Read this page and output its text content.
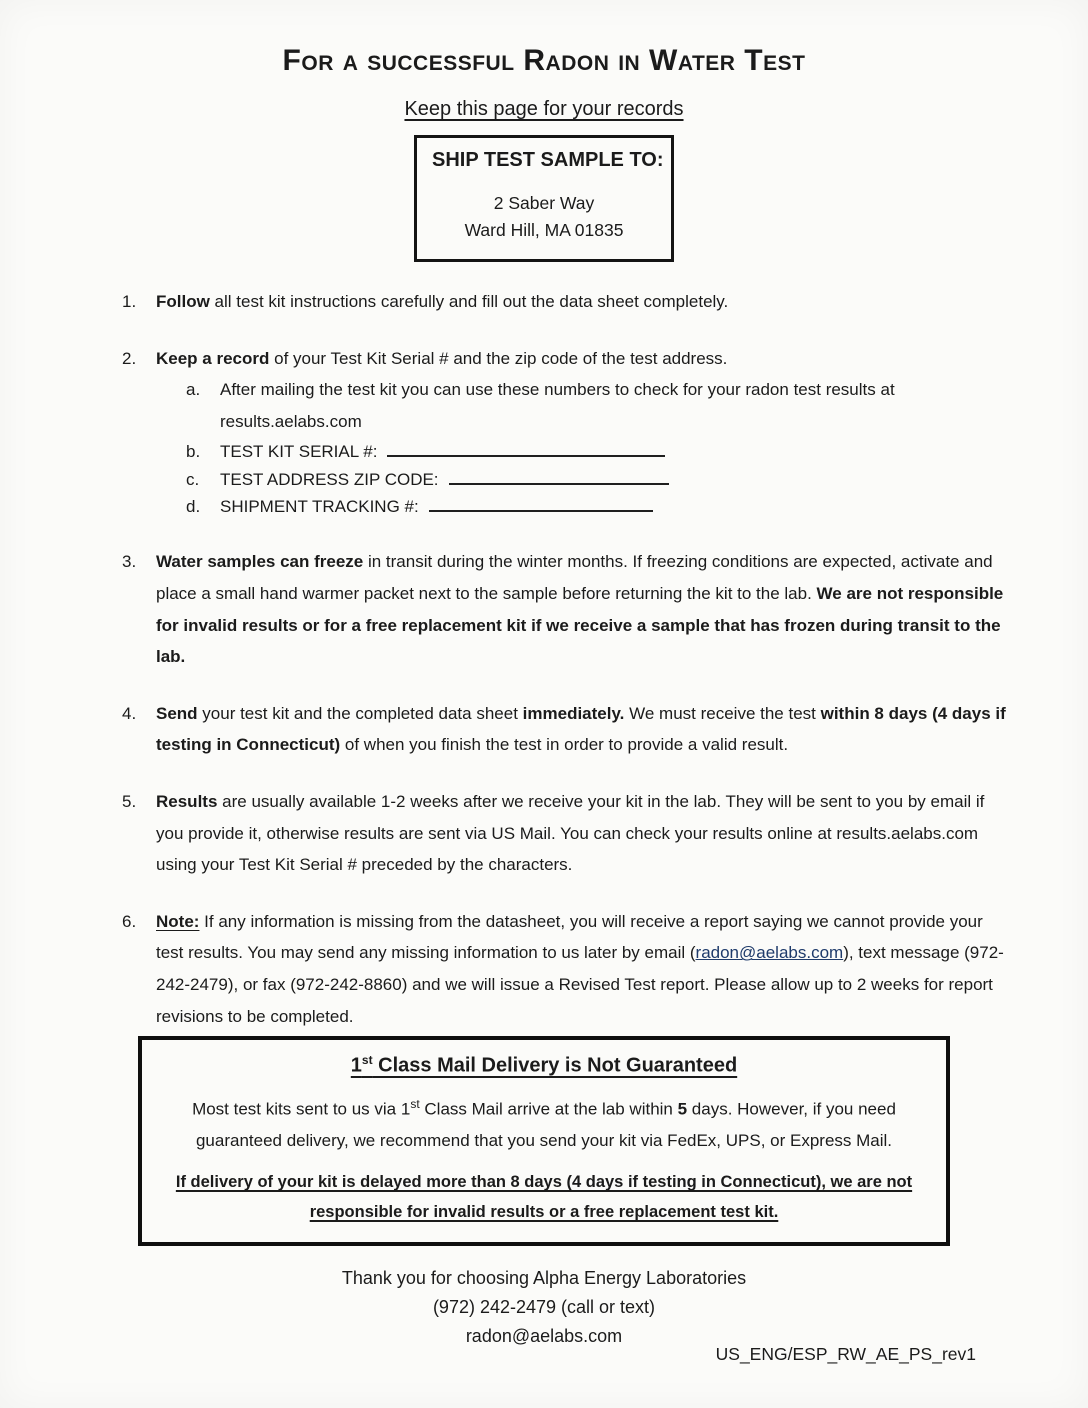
For a successful Radon in Water Test
Keep this page for your records
SHIP TEST SAMPLE TO:
2 Saber Way
Ward Hill, MA 01835
1.	Follow all test kit instructions carefully and fill out the data sheet completely.
2.	Keep a record of your Test Kit Serial # and the zip code of the test address.
a.	After mailing the test kit you can use these numbers to check for your radon test results at results.aelabs.com
b.	TEST KIT SERIAL #:
c.	TEST ADDRESS ZIP CODE:
d.	SHIPMENT TRACKING #:
3.	Water samples can freeze in transit during the winter months. If freezing conditions are expected, activate and place a small hand warmer packet next to the sample before returning the kit to the lab. We are not responsible for invalid results or for a free replacement kit if we receive a sample that has frozen during transit to the lab.
4.	Send your test kit and the completed data sheet immediately. We must receive the test within 8 days (4 days if testing in Connecticut) of when you finish the test in order to provide a valid result.
5.	Results are usually available 1-2 weeks after we receive your kit in the lab. They will be sent to you by email if you provide it, otherwise results are sent via US Mail. You can check your results online at results.aelabs.com using your Test Kit Serial # preceded by the characters.
6.	Note: If any information is missing from the datasheet, you will receive a report saying we cannot provide your test results. You may send any missing information to us later by email (radon@aelabs.com), text message (972-242-2479), or fax (972-242-8860) and we will issue a Revised Test report. Please allow up to 2 weeks for report revisions to be completed.
1st Class Mail Delivery is Not Guaranteed
Most test kits sent to us via 1st Class Mail arrive at the lab within 5 days. However, if you need guaranteed delivery, we recommend that you send your kit via FedEx, UPS, or Express Mail.
If delivery of your kit is delayed more than 8 days (4 days if testing in Connecticut), we are not responsible for invalid results or a free replacement test kit.
Thank you for choosing Alpha Energy Laboratories
(972) 242-2479 (call or text)
radon@aelabs.com
US_ENG/ESP_RW_AE_PS_rev1
